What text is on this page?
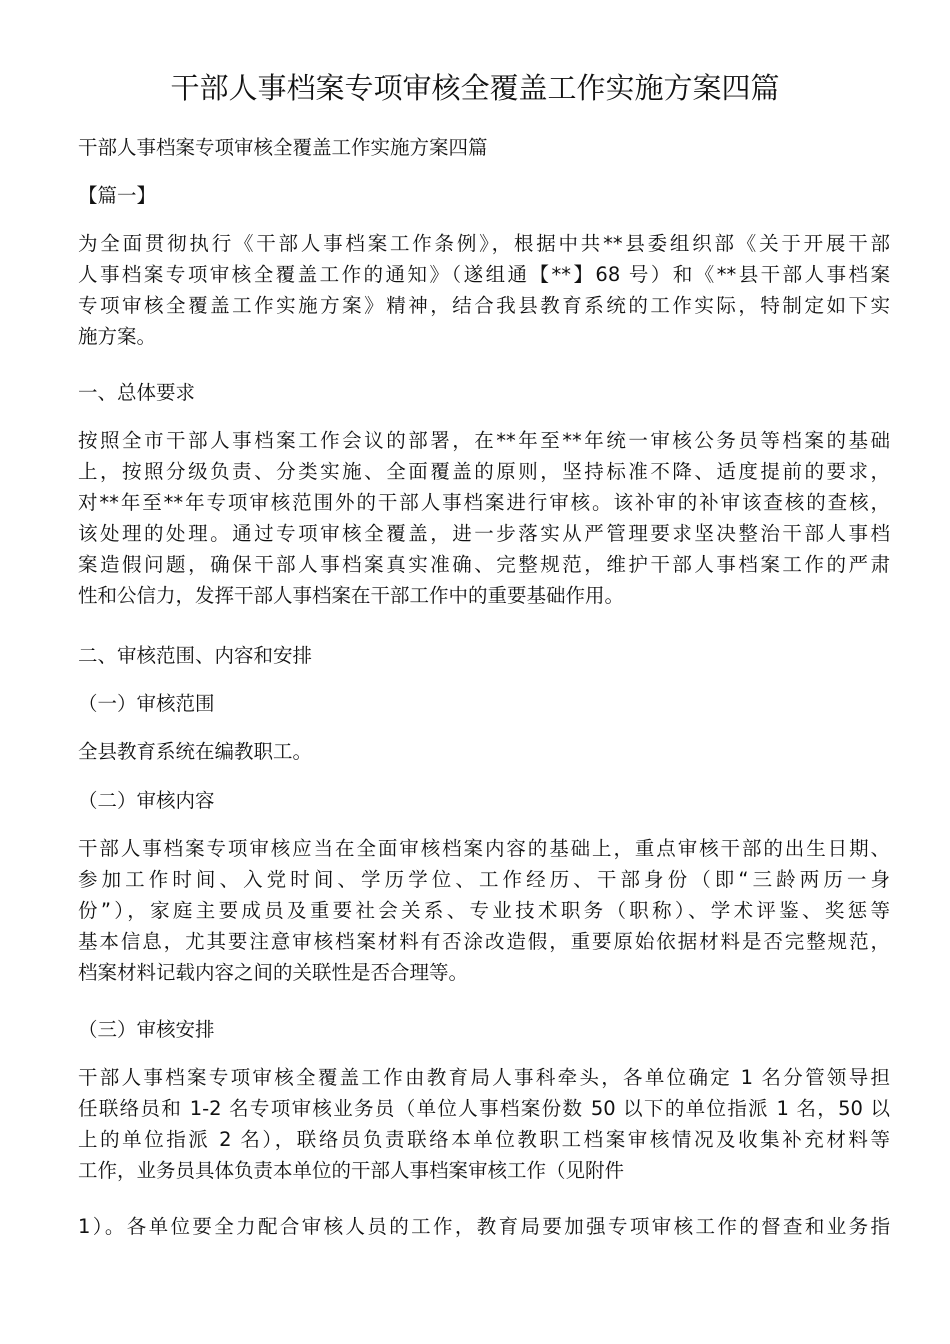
干部人事档案专项审核全覆盖工作实施方案四篇

干部人事档案专项审核全覆盖工作实施方案四篇

【篇一】

为全面贯彻执行《干部人事档案工作条例》，根据中共**县委组织部《关于开展干部
人事档案专项审核全覆盖工作的通知》（遂组通【**】68 号）和《**县干部人事档案
专项审核全覆盖工作实施方案》精神，结合我县教育系统的工作实际，特制定如下实
施方案。

一、总体要求

按照全市干部人事档案工作会议的部署，在**年至**年统一审核公务员等档案的基础
上，按照分级负责、分类实施、全面覆盖的原则，坚持标准不降、适度提前的要求，
对**年至**年专项审核范围外的干部人事档案进行审核。该补审的补审该查核的查核，
该处理的处理。通过专项审核全覆盖，进一步落实从严管理要求坚决整治干部人事档
案造假问题，确保干部人事档案真实准确、完整规范，维护干部人事档案工作的严肃
性和公信力，发挥干部人事档案在干部工作中的重要基础作用。

二、审核范围、内容和安排

（一）审核范围

全县教育系统在编教职工。

（二）审核内容

干部人事档案专项审核应当在全面审核档案内容的基础上，重点审核干部的出生日期、
参加工作时间、入党时间、学历学位、工作经历、干部身份（即“三龄两历一身
份”），家庭主要成员及重要社会关系、专业技术职务（职称）、学术评鉴、奖惩等
基本信息，尤其要注意审核档案材料有否涂改造假，重要原始依据材料是否完整规范，
档案材料记载内容之间的关联性是否合理等。

（三）审核安排

干部人事档案专项审核全覆盖工作由教育局人事科牵头，各单位确定 1 名分管领导担
任联络员和 1-2 名专项审核业务员（单位人事档案份数 50 以下的单位指派 1 名，50 以
上的单位指派 2 名），联络员负责联络本单位教职工档案审核情况及收集补充材料等
工作，业务员具体负责本单位的干部人事档案审核工作（见附件

1）。各单位要全力配合审核人员的工作，教育局要加强专项审核工作的督查和业务指
